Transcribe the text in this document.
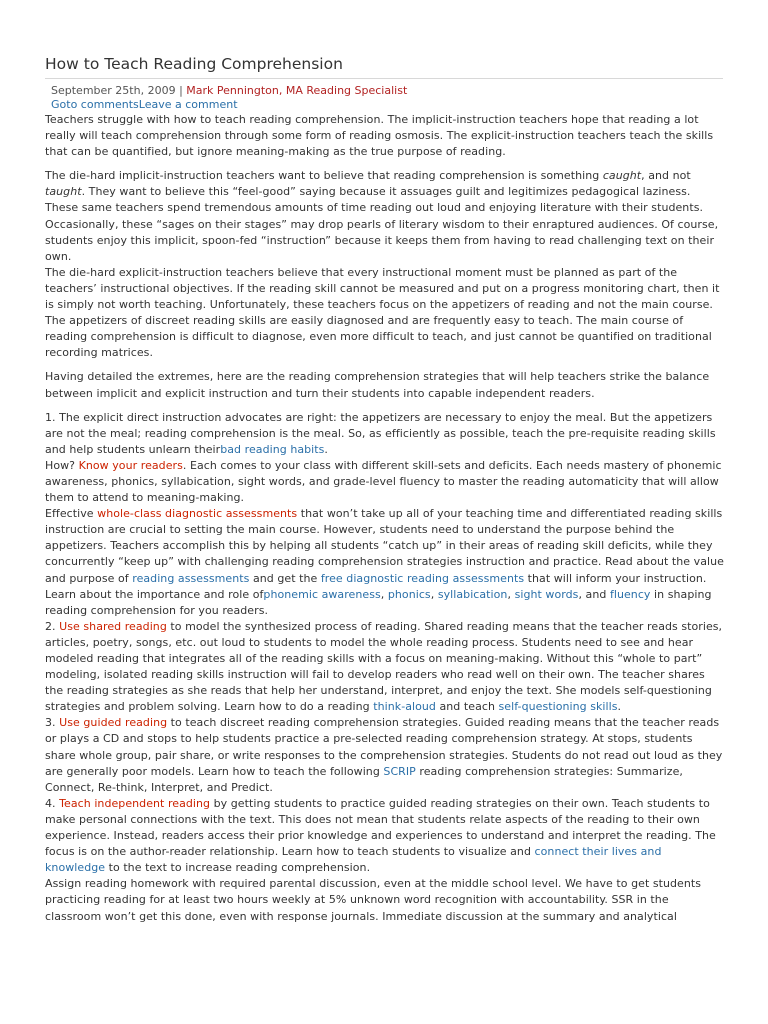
How to Teach Reading Comprehension
September 25th, 2009 | Mark Pennington, MA Reading Specialist
Goto commentsLeave a comment

Teachers struggle with how to teach reading comprehension. The implicit-instruction teachers hope that reading a lot really will teach comprehension through some form of reading osmosis. The explicit-instruction teachers teach the skills that can be quantified, but ignore meaning-making as the true purpose of reading.

The die-hard implicit-instruction teachers want to believe that reading comprehension is something caught, and not taught. They want to believe this “feel-good” saying because it assuages guilt and legitimizes pedagogical laziness. These same teachers spend tremendous amounts of time reading out loud and enjoying literature with their students. Occasionally, these “sages on their stages” may drop pearls of literary wisdom to their enraptured audiences. Of course, students enjoy this implicit, spoon-fed “instruction” because it keeps them from having to read challenging text on their own.

The die-hard explicit-instruction teachers believe that every instructional moment must be planned as part of the teachers’ instructional objectives. If the reading skill cannot be measured and put on a progress monitoring chart, then it is simply not worth teaching. Unfortunately, these teachers focus on the appetizers of reading and not the main course. The appetizers of discreet reading skills are easily diagnosed and are frequently easy to teach. The main course of reading comprehension is difficult to diagnose, even more difficult to teach, and just cannot be quantified on traditional recording matrices.

Having detailed the extremes, here are the reading comprehension strategies that will help teachers strike the balance between implicit and explicit instruction and turn their students into capable independent readers.

1. The explicit direct instruction advocates are right: the appetizers are necessary to enjoy the meal. But the appetizers are not the meal; reading comprehension is the meal. So, as efficiently as possible, teach the pre-requisite reading skills and help students unlearn theirbad reading habits.

How? Know your readers. Each comes to your class with different skill-sets and deficits. Each needs mastery of phonemic awareness, phonics, syllabication, sight words, and grade-level fluency to master the reading automaticity that will allow them to attend to meaning-making.

Effective whole-class diagnostic assessments that won’t take up all of your teaching time and differentiated reading skills instruction are crucial to setting the main course. However, students need to understand the purpose behind the appetizers. Teachers accomplish this by helping all students “catch up” in their areas of reading skill deficits, while they concurrently “keep up” with challenging reading comprehension strategies instruction and practice. Read about the value and purpose of reading assessments and get the free diagnostic reading assessments that will inform your instruction. Learn about the importance and role ofphonemic awareness, phonics, syllabication, sight words, and fluency in shaping reading comprehension for you readers.

2. Use shared reading to model the synthesized process of reading. Shared reading means that the teacher reads stories, articles, poetry, songs, etc. out loud to students to model the whole reading process. Students need to see and hear modeled reading that integrates all of the reading skills with a focus on meaning-making. Without this “whole to part” modeling, isolated reading skills instruction will fail to develop readers who read well on their own. The teacher shares the reading strategies as she reads that help her understand, interpret, and enjoy the text. She models self-questioning strategies and problem solving. Learn how to do a reading think-aloud and teach self-questioning skills.

3. Use guided reading to teach discreet reading comprehension strategies. Guided reading means that the teacher reads or plays a CD and stops to help students practice a pre-selected reading comprehension strategy. At stops, students share whole group, pair share, or write responses to the comprehension strategies. Students do not read out loud as they are generally poor models. Learn how to teach the following SCRIP reading comprehension strategies: Summarize, Connect, Re-think, Interpret, and Predict.

4. Teach independent reading by getting students to practice guided reading strategies on their own. Teach students to make personal connections with the text. This does not mean that students relate aspects of the reading to their own experience. Instead, readers access their prior knowledge and experiences to understand and interpret the reading. The focus is on the author-reader relationship. Learn how to teach students to visualize and connect their lives and knowledge to the text to increase reading comprehension.

Assign reading homework with required parental discussion, even at the middle school level. We have to get students practicing reading for at least two hours weekly at 5% unknown word recognition with accountability. SSR in the classroom won’t get this done, even with response journals. Immediate discussion at the summary and analytical
